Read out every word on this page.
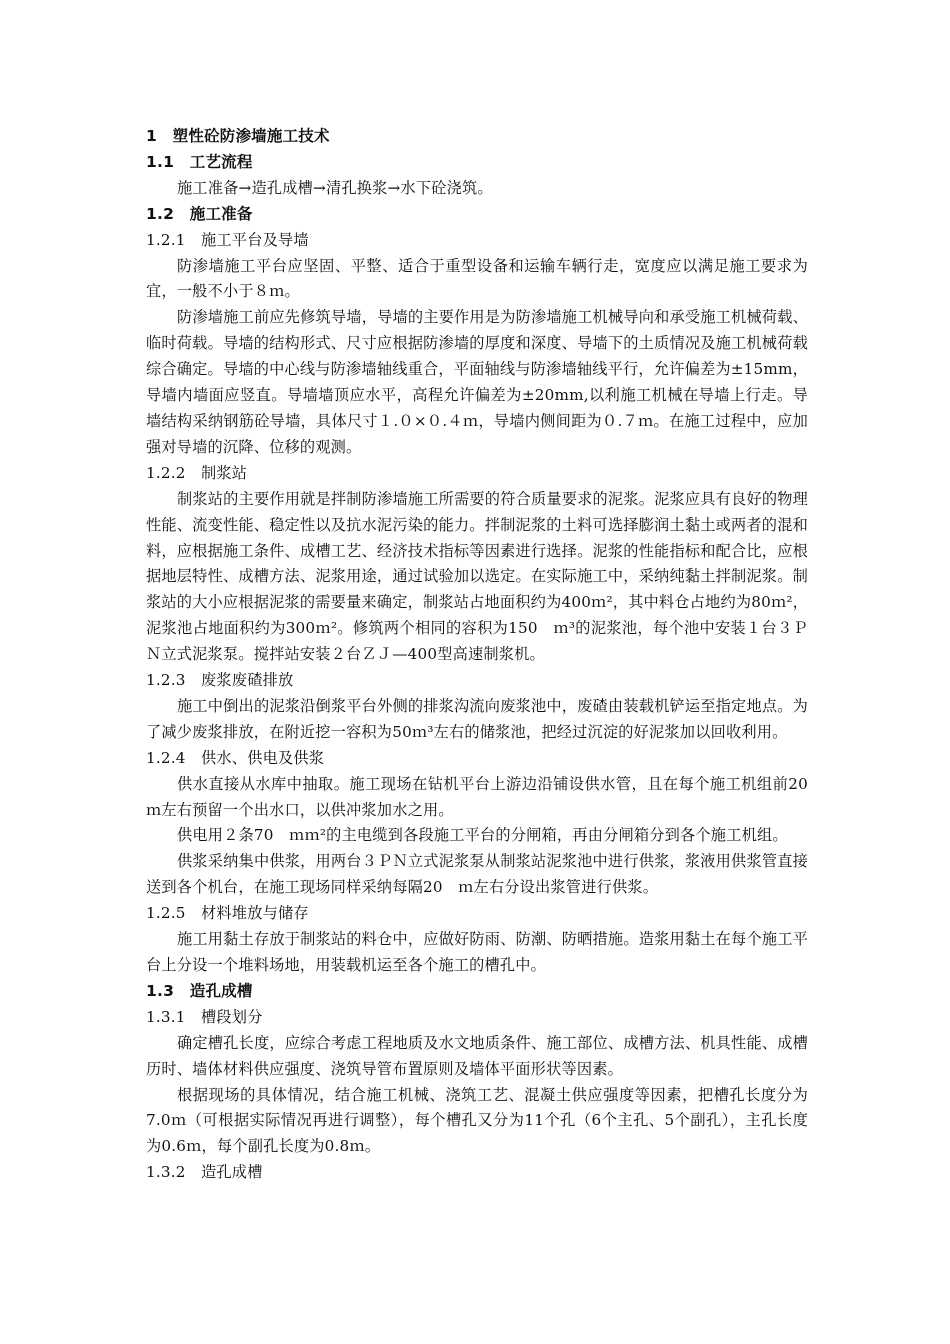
1　塑性砼防渗墙施工技术

1.1　工艺流程

施工准备→造孔成槽→清孔换浆→水下砼浇筑。

1.2　施工准备

1.2.1　施工平台及导墙

防渗墙施工平台应坚固、平整、适合于重型设备和运输车辆行走，宽度应以满足施工要求为宜，一般不小于８ｍ。

防渗墙施工前应先修筑导墙，导墙的主要作用是为防渗墙施工机械导向和承受施工机械荷载、临时荷载。导墙的结构形式、尺寸应根据防渗墙的厚度和深度、导墙下的土质情况及施工机械荷载综合确定。导墙的中心线与防渗墙轴线重合，平面轴线与防渗墙轴线平行，允许偏差为±15mm，导墙内墙面应竖直。导墙墙顶应水平，高程允许偏差为±20mm,以利施工机械在导墙上行走。导墙结构采纳钢筋砼导墙，具体尺寸１.０×０.４ｍ，导墙内侧间距为０.７ｍ。在施工过程中，应加强对导墙的沉降、位移的观测。

1.2.2　制浆站

制浆站的主要作用就是拌制防渗墙施工所需要的符合质量要求的泥浆。泥浆应具有良好的物理性能、流变性能、稳定性以及抗水泥污染的能力。拌制泥浆的土料可选择膨润土黏土或两者的混和料，应根据施工条件、成槽工艺、经济技术指标等因素进行选择。泥浆的性能指标和配合比，应根据地层特性、成槽方法、泥浆用途，通过试验加以选定。在实际施工中，采纳纯黏土拌制泥浆。制浆站的大小应根据泥浆的需要量来确定，制浆站占地面积约为400ｍ²，其中料仓占地约为80ｍ²，泥浆池占地面积约为300ｍ²。修筑两个相同的容积为150　ｍ³的泥浆池，每个池中安装１台３ＰＮ立式泥浆泵。搅拌站安装２台ＺＪ—400型高速制浆机。

1.2.3　废浆废碴排放

施工中倒出的泥浆沿倒浆平台外侧的排浆沟流向废浆池中，废碴由装载机铲运至指定地点。为了减少废浆排放，在附近挖一容积为50ｍ³左右的储浆池，把经过沉淀的好泥浆加以回收利用。

1.2.4　供水、供电及供浆

供水直接从水库中抽取。施工现场在钻机平台上游边沿铺设供水管，且在每个施工机组前20　ｍ左右预留一个出水口，以供冲浆加水之用。

供电用２条70　ｍｍ²的主电缆到各段施工平台的分闸箱，再由分闸箱分到各个施工机组。

供浆采纳集中供浆，用两台３ＰＮ立式泥浆泵从制浆站泥浆池中进行供浆，浆液用供浆管直接送到各个机台，在施工现场同样采纳每隔20　ｍ左右分设出浆管进行供浆。

1.2.5　材料堆放与储存

施工用黏土存放于制浆站的料仓中，应做好防雨、防潮、防晒措施。造浆用黏土在每个施工平台上分设一个堆料场地，用装载机运至各个施工的槽孔中。

1.3　造孔成槽

1.3.1　槽段划分

确定槽孔长度，应综合考虑工程地质及水文地质条件、施工部位、成槽方法、机具性能、成槽历时、墙体材料供应强度、浇筑导管布置原则及墙体平面形状等因素。

根据现场的具体情况，结合施工机械、浇筑工艺、混凝土供应强度等因素，把槽孔长度分为7.0ｍ（可根据实际情况再进行调整），每个槽孔又分为11个孔（6个主孔、5个副孔），主孔长度为0.6ｍ，每个副孔长度为0.8ｍ。

1.3.2　造孔成槽
